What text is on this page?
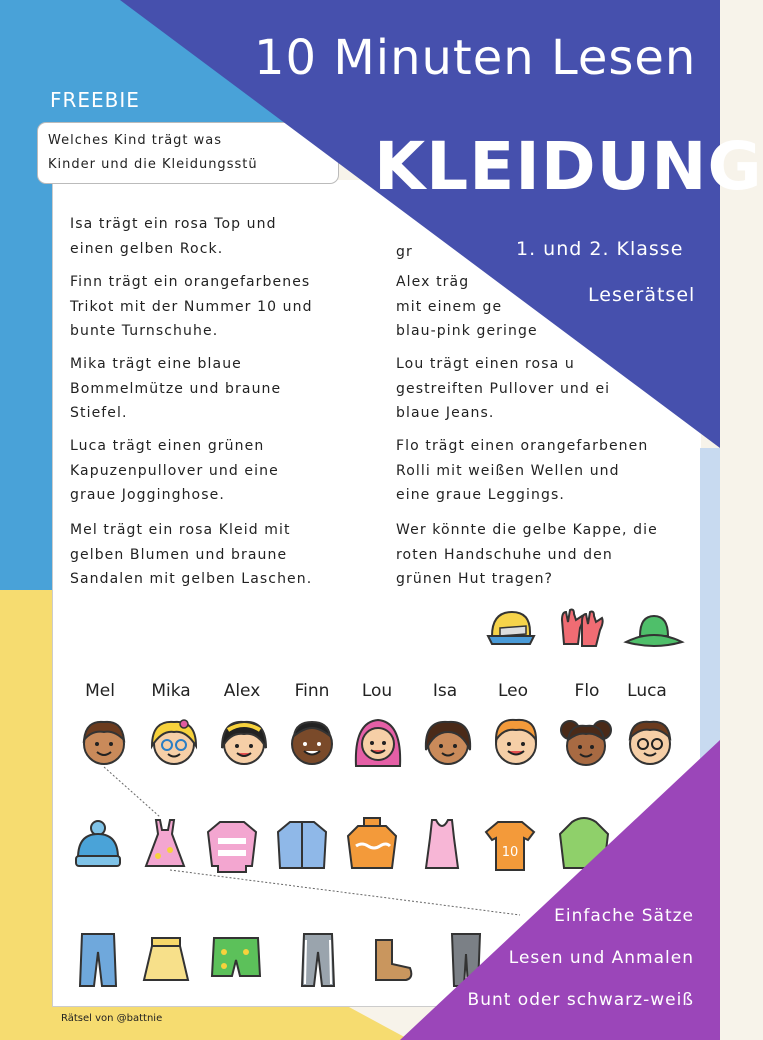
Welches Kind trägt was
Kinder und die Kleidungsstü
Isa trägt ein rosa Top und
einen gelben Rock.
Finn trägt ein orangefarbenes
Trikot mit der Nummer 10 und
bunte Turnschuhe.
Mika trägt eine blaue
Bommelmütze und braune
Stiefel.
Luca trägt einen grünen
Kapuzenpullover und eine
graue Jogginghose.
Mel trägt ein rosa Kleid mit
gelben Blumen und braune
Sandalen mit gelben Laschen.
gr
Alex träg
mit einem ge
blau-pink geringe
Lou trägt einen rosa u
gestreiften Pullover und ei
blaue Jeans.
Flo trägt einen orangefarbenen
Rolli mit weißen Wellen und
eine graue Leggings.
Wer könnte die gelbe Kappe, die
roten Handschuhe und den
grünen Hut tragen?
Mel	Mika	Alex	Finn	Lou	Isa	Leo	Flo	Luca
10
FREEBIE
10 Minuten Lesen
KLEIDUNG
1. und 2. Klasse
Leserätsel
Einfache Sätze
Lesen und Anmalen
Bunt oder schwarz-weiß
Rätsel von @battnie
